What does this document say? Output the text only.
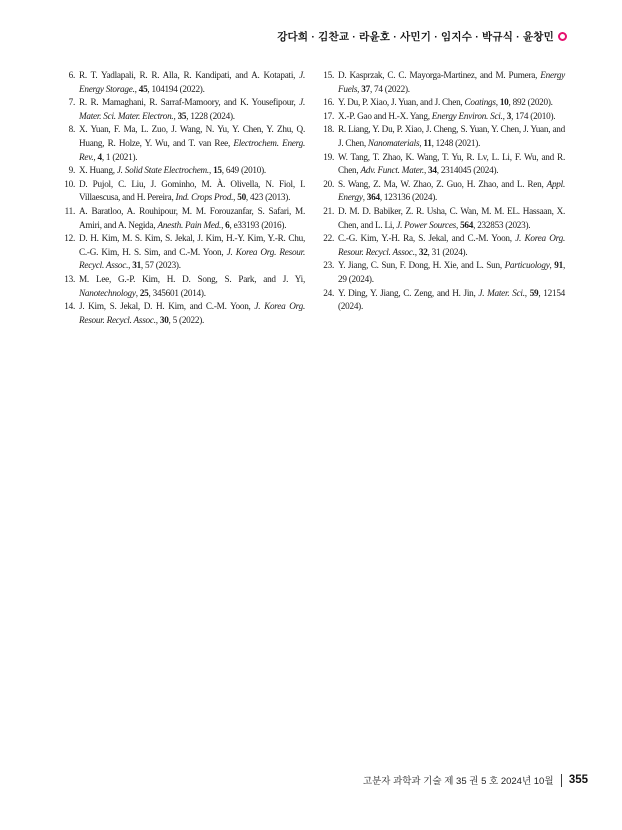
강다희 · 김찬교 · 라윤호 · 사민기 · 임지수 · 박규식 · 윤창민
6. R. T. Yadlapali, R. R. Alla, R. Kandipati, and A. Kotapati, J. Energy Storage., 45, 104194 (2022).
7. R. R. Mamaghani, R. Sarraf-Mamoory, and K. Yousefipour, J. Mater. Sci. Mater. Electron., 35, 1228 (2024).
8. X. Yuan, F. Ma, L. Zuo, J. Wang, N. Yu, Y. Chen, Y. Zhu, Q. Huang, R. Holze, Y. Wu, and T. van Ree, Electrochem. Energ. Rev., 4, 1 (2021).
9. X. Huang, J. Solid State Electrochem., 15, 649 (2010).
10. D. Pujol, C. Liu, J. Gominho, M. À. Olivella, N. Fiol, I. Villaescusa, and H. Pereira, Ind. Crops Prod., 50, 423 (2013).
11. A. Baratloo, A. Rouhipour, M. M. Forouzanfar, S. Safari, M. Amiri, and A. Negida, Anesth. Pain Med., 6, e33193 (2016).
12. D. H. Kim, M. S. Kim, S. Jekal, J. Kim, H.-Y. Kim, Y.-R. Chu, C.-G. Kim, H. S. Sim, and C.-M. Yoon, J. Korea Org. Resour. Recycl. Assoc., 31, 57 (2023).
13. M. Lee, G.-P. Kim, H. D. Song, S. Park, and J. Yi, Nanotechnology, 25, 345601 (2014).
14. J. Kim, S. Jekal, D. H. Kim, and C.-M. Yoon, J. Korea Org. Resour. Recycl. Assoc., 30, 5 (2022).
15. D. Kasprzak, C. C. Mayorga-Martinez, and M. Pumera, Energy Fuels, 37, 74 (2022).
16. Y. Du, P. Xiao, J. Yuan, and J. Chen, Coatings, 10, 892 (2020).
17. X.-P. Gao and H.-X. Yang, Energy Environ. Sci., 3, 174 (2010).
18. R. Liang, Y. Du, P. Xiao, J. Cheng, S. Yuan, Y. Chen, J. Yuan, and J. Chen, Nanomaterials, 11, 1248 (2021).
19. W. Tang, T. Zhao, K. Wang, T. Yu, R. Lv, L. Li, F. Wu, and R. Chen, Adv. Funct. Mater., 34, 2314045 (2024).
20. S. Wang, Z. Ma, W. Zhao, Z. Guo, H. Zhao, and L. Ren, Appl. Energy, 364, 123136 (2024).
21. D. M. D. Babiker, Z. R. Usha, C. Wan, M. M. EL. Hassaan, X. Chen, and L. Li, J. Power Sources, 564, 232853 (2023).
22. C.-G. Kim, Y.-H. Ra, S. Jekal, and C.-M. Yoon, J. Korea Org. Resour. Recycl. Assoc., 32, 31 (2024).
23. Y. Jiang, C. Sun, F. Dong, H. Xie, and L. Sun, Particuology, 91, 29 (2024).
24. Y. Ding, Y. Jiang, C. Zeng, and H. Jin, J. Mater. Sci., 59, 12154 (2024).
고분자 과학과 기술 제 35 권 5 호 2024년 10월 355
